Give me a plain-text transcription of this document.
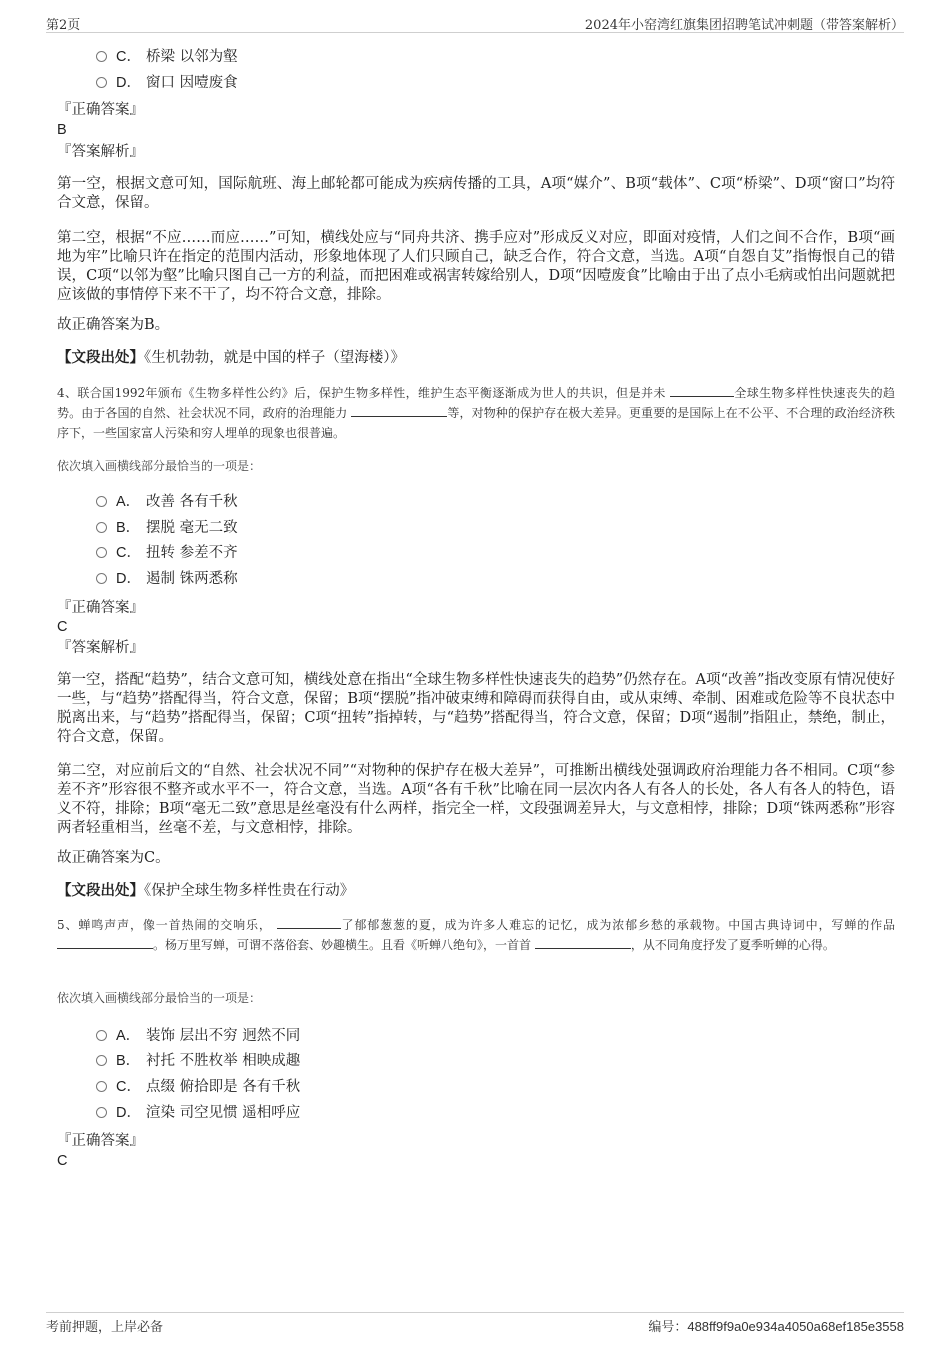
第2页	2024年小窑湾红旗集团招聘笔试冲刺题（带答案解析）
C． 桥梁 以邻为壑
D． 窗口 因噎废食
『正确答案』
B
『答案解析』
第一空，根据文意可知，国际航班、海上邮轮都可能成为疾病传播的工具，A项“媒介”、B项“载体”、C项“桥梁”、D项“窗口”均符合文意，保留。
第二空，根据“不应……而应……”可知，横线处应与“同舟共济、携手应对”形成反义对应，即面对疫情，人们之间不合作，B项“画地为牢”比喻只许在指定的范围内活动，形象地体现了人们只顾自己，缺乏合作，符合文意，当选。A项“自怨自艾”指悔恨自己的错误，C项“以邻为壑”比喻只图自己一方的利益，而把困难或祸害转嫁给别人，D项“因噎废食”比喻由于出了点小毛病或怕出问题就把应该做的事情停下来不干了，均不符合文意，排除。
故正确答案为B。
【文段出处】《生机勃勃，就是中国的样子（望海楼）》
4、联合国1992年颁布《生物多样性公约》后，保护生物多样性，维护生态平衡逐渐成为世人的共识，但是并未	全球生物多样性快速丧失的趋势。由于各国的自然、社会状况不同，政府的治理能力	等，对物种的保护存在极大差异。更重要的是国际上在不公平、不合理的政治经济秩序下，一些国家富人污染和穷人埋单的现象也很普遍。
依次填入画横线部分最恰当的一项是：
A． 改善 各有千秋
B． 摆脱 毫无二致
C． 扭转 参差不齐
D． 遏制 铢两悉称
『正确答案』
C
『答案解析』
第一空，搭配“趋势”，结合文意可知，横线处意在指出“全球生物多样性快速丧失的趋势”仍然存在。A项“改善”指改变原有情况使好一些，与“趋势”搭配得当，符合文意，保留；B项“摆脱”指冲破束缚和障碍而获得自由，或从束缚、牵制、困难或危险等不良状态中脱离出来，与“趋势”搭配得当，保留；C项“扭转”指掉转，与“趋势”搭配得当，符合文意，保留；D项“遏制”指阻止，禁绝，制止，符合文意，保留。
第二空，对应前后文的“自然、社会状况不同”“对物种的保护存在极大差异”，可推断出横线处强调政府治理能力各不相同。C项“参差不齐”形容很不整齐或水平不一，符合文意，当选。A项“各有千秋”比喻在同一层次内各人有各人的长处，各人有各人的特色，语义不符，排除；B项“毫无二致”意思是丝毫没有什么两样，指完全一样，文段强调差异大，与文意相悖，排除；D项“铢两悉称”形容两者轻重相当，丝毫不差，与文意相悖，排除。
故正确答案为C。
【文段出处】《保护全球生物多样性贵在行动》
5、蝉鸣声声，像一首热闹的交响乐，	了郁郁葱葱的夏，成为许多人难忘的记忆，成为浓郁乡愁的承载物。中国古典诗词中，写蝉的作品 。杨万里写蝉，可谓不落俗套、妙趣横生。且看《听蝉八绝句》，一首首	，从不同角度抒发了夏季听蝉的心得。
依次填入画横线部分最恰当的一项是：
A． 装饰 层出不穷 迥然不同
B． 衬托 不胜枚举 相映成趣
C． 点缀 俯拾即是 各有千秋
D． 渲染 司空见惯 遥相呼应
『正确答案』
C
考前押题，上岸必备	编号：488ff9f9a0e934a4050a68ef185e3558
